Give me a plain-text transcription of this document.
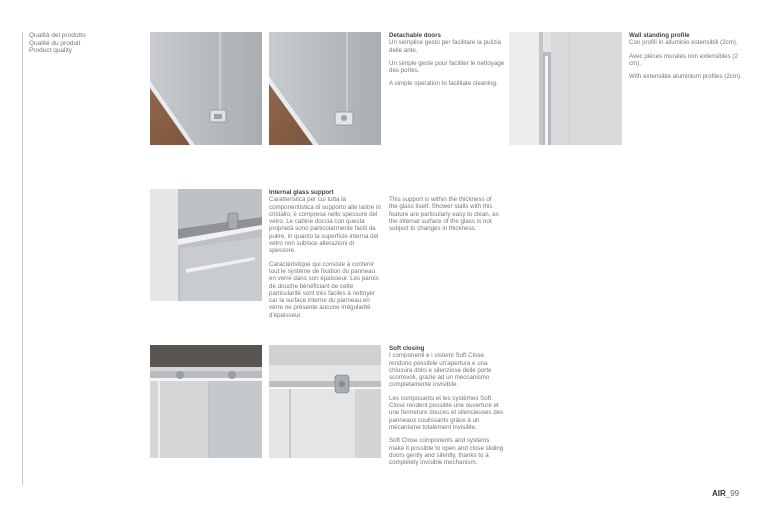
Qualità del prodotto
Qualité du produit
Product quality
Detachable doors

Un semplice gesto per facilitare la pulizia delle ante.

Un simple geste pour faciliter le nettoyage des portes.

A simple operation to facilitate cleaning.

Wall standing profile

Con profili in alluminio estensibili (2cm).

Avec pièces murales non extensibles (2 cm).

With extensible aluminium profiles (2cm).

Internal glass support

Caratteristica per cui tutta la componentistica di supporto alle lastre in cristallo, è compresa nello spessore del vetro. Le cabine doccia con questa proprietà sono particolarmente facili da pulire, in quanto la superficie interna del vetro non subisce alterazioni di spessore.

Caractéristique qui consiste à contenir tout le système de fixation du panneau en verre dans son épaisseur. Les parois de douche bénéficiant de cette particularité sont très faciles à nettoyer car la surface interne du panneau en verre ne présente aucune irrégularité d'épaisseur.

This support is within the thickness of the glass itself. Shower stalls with this feature are particularly easy to clean, as the internal surface of the glass is not subject to changes in thickness.

Soft closing

I componenti e i sistemi Soft Close rendono possibile un'apertura e una chiusura dolci e silenziose delle porte scorrevoli, grazie ad un meccanismo completamente invisibile.

Les composants et les systèmes Soft Close rendent possible une ouverture et une fermeture douces et silencieuses des panneaux coulissants grâce à un mécanisme totalement invisible.

Soft Close components and systems make it possible to open and close sliding doors gently and silently, thanks to a completely invisible mechanism.

AIR_99
